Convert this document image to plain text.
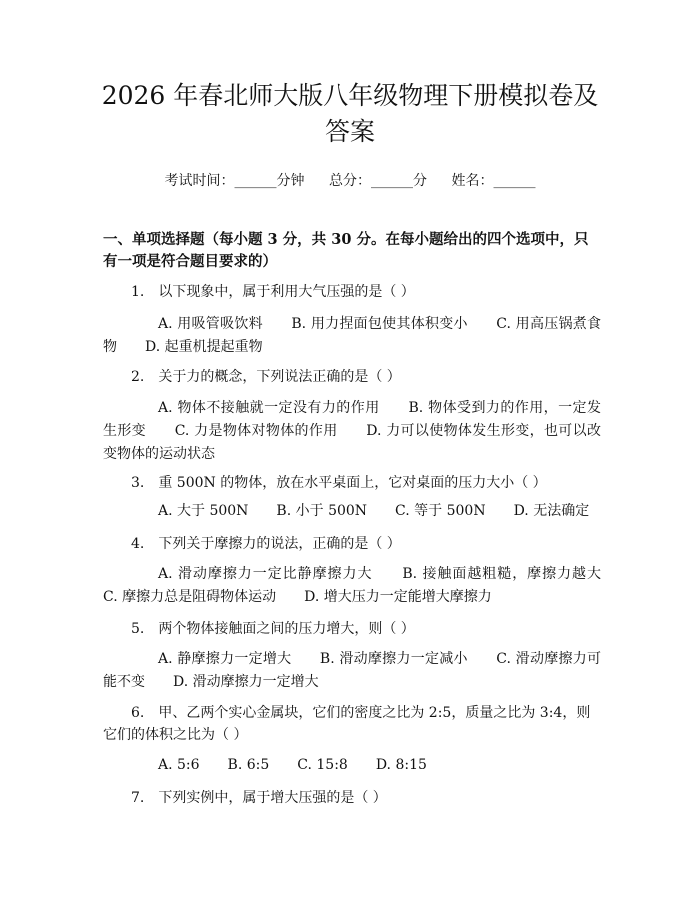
2026 年春北师大版八年级物理下册模拟卷及
答案
考试时间：______分钟 总分：______分 姓名：______
一、单项选择题（每小题 3 分，共 30 分。在每小题给出的四个选项中，只有一项是符合题目要求的）
1.　以下现象中，属于利用大气压强的是（ ）
A. 用吸管吸饮料　　B. 用力捏面包使其体积变小　　C. 用高压锅煮食物　　D. 起重机提起重物
2.　关于力的概念，下列说法正确的是（ ）
A. 物体不接触就一定没有力的作用　　B. 物体受到力的作用，一定发生形变　　C. 力是物体对物体的作用　　D. 力可以使物体发生形变，也可以改变物体的运动状态
3.　重 500N 的物体，放在水平桌面上，它对桌面的压力大小（ ）
A. 大于 500N　　B. 小于 500N　　C. 等于 500N　　D. 无法确定
4.　下列关于摩擦力的说法，正确的是（ ）
A. 滑动摩擦力一定比静摩擦力大　　B. 接触面越粗糙，摩擦力越大　　C. 摩擦力总是阻碍物体运动　　D. 增大压力一定能增大摩擦力
5.　两个物体接触面之间的压力增大，则（ ）
A. 静摩擦力一定增大　　B. 滑动摩擦力一定减小　　C. 滑动摩擦力可能不变　　D. 滑动摩擦力一定增大
6.　甲、乙两个实心金属块，它们的密度之比为 2:5，质量之比为 3:4，则它们的体积之比为（ ）
A. 5:6　　B. 6:5　　C. 15:8　　D. 8:15
7.　下列实例中，属于增大压强的是（ ）
